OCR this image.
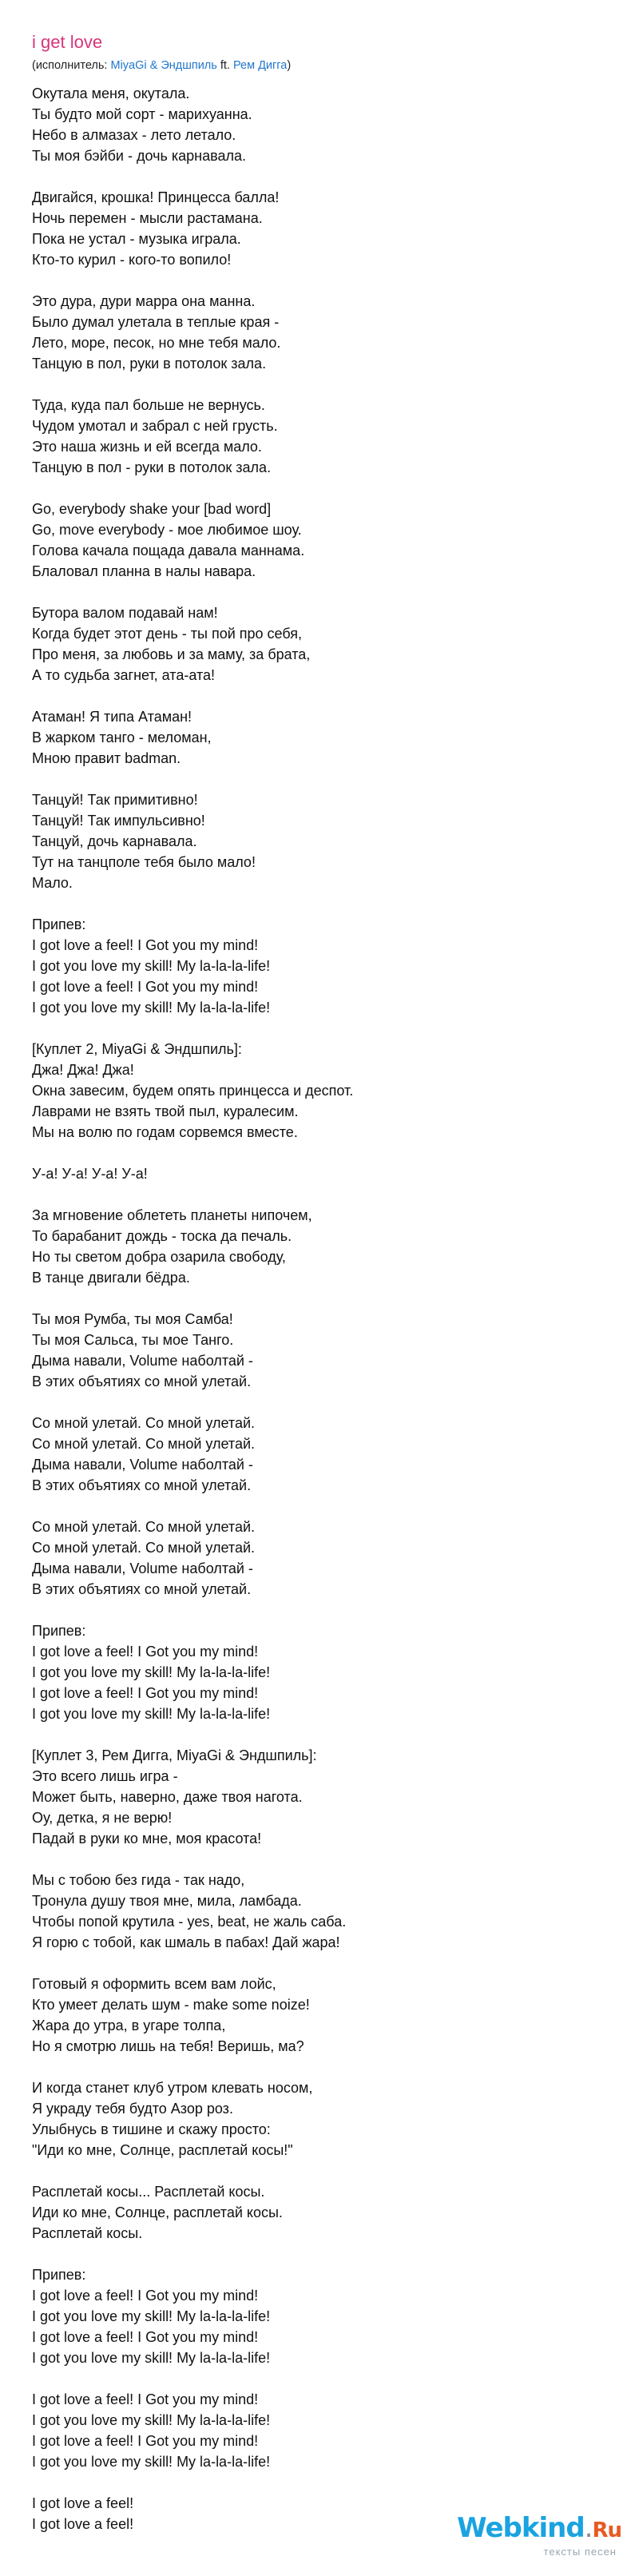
i get love
(исполнитель: MiyaGi & Эндшпиль ft. Рем Дигга)
Окутала меня, окутала.
Ты будто мой сорт - марихуанна.
Небо в алмазах - лето летало.
Ты моя бэйби - дочь карнавала.
Двигайся, крошка! Принцесса балла!
Ночь перемен - мысли растамана.
Пока не устал - музыка играла.
Кто-то курил - кого-то вопило!
Это дура, дури марра она манна.
Было думал улетала в теплые края -
Лето, море, песок, но мне тебя мало.
Танцую в пол, руки в потолок зала.
Туда, куда пал больше не вернусь.
Чудом умотал и забрал с ней грусть.
Это наша жизнь и ей всегда мало.
Танцую в пол - руки в потолок зала.
Go, everybody shake your [bad word]
Go, move everybody - мое любимое шоу.
Голова качала пощада давала маннама.
Блаловал планна в налы навара.
Бутора валом подавай нам!
Когда будет этот день - ты пой про себя,
Про меня, за любовь и за маму, за брата,
А то судьба загнет, ата-ата!
Атаман! Я типа Атаман!
В жарком танго - меломан,
Мною правит badman.
Танцуй! Так примитивно!
Танцуй! Так импульсивно!
Танцуй, дочь карнавала.
Тут на танцполе тебя было мало!
Мало.
Припев:
I got love a feel! I Got you my mind!
I got you love my skill! My la-la-la-life!
I got love a feel! I Got you my mind!
I got you love my skill! My la-la-la-life!
[Куплет 2, MiyaGi & Эндшпиль]:
Джа! Джа! Джа!
Окна завесим, будем опять принцесса и деспот.
Лаврами не взять твой пыл, куралесим.
Мы на волю по годам сорвемся вместе.
У-а! У-а! У-а! У-а!
За мгновение облететь планеты нипочем,
То барабанит дождь - тоска да печаль.
Но ты светом добра озарила свободу,
В танце двигали бёдра.
Ты моя Румба, ты моя Самба!
Ты моя Сальса, ты мое Танго.
Дыма навали, Volume наболтай -
В этих объятиях со мной улетай.
Со мной улетай. Со мной улетай.
Со мной улетай. Со мной улетай.
Дыма навали, Volume наболтай -
В этих объятиях со мной улетай.
Со мной улетай. Со мной улетай.
Со мной улетай. Со мной улетай.
Дыма навали, Volume наболтай -
В этих объятиях со мной улетай.
Припев:
I got love a feel! I Got you my mind!
I got you love my skill! My la-la-la-life!
I got love a feel! I Got you my mind!
I got you love my skill! My la-la-la-life!
[Куплет 3, Рем Дигга, MiyaGi & Эндшпиль]:
Это всего лишь игра -
Может быть, наверно, даже твоя нагота.
Оу, детка, я не верю!
Падай в руки ко мне, моя красота!
Мы с тобою без гида - так надо,
Тронула душу твоя мне, мила, ламбада.
Чтобы попой крутила - yes, beat, не жаль саба.
Я горю с тобой, как шмаль в пабах! Дай жара!
Готовый я оформить всем вам лойс,
Кто умеет делать шум - make some noize!
Жара до утра, в угаре толпа,
Но я смотрю лишь на тебя! Веришь, ма?
И когда станет клуб утром клевать носом,
Я украду тебя будто Азор роз.
Улыбнусь в тишине и скажу просто:
"Иди ко мне, Солнце, расплетай косы!"
Расплетай косы... Расплетай косы.
Иди ко мне, Солнце, расплетай косы.
Расплетай косы.
Припев:
I got love a feel! I Got you my mind!
I got you love my skill! My la-la-la-life!
I got love a feel! I Got you my mind!
I got you love my skill! My la-la-la-life!
I got love a feel! I Got you my mind!
I got you love my skill! My la-la-la-life!
I got love a feel! I Got you my mind!
I got you love my skill! My la-la-la-life!
I got love a feel!
I got love a feel!	Webkind.Ru
тексты песен
